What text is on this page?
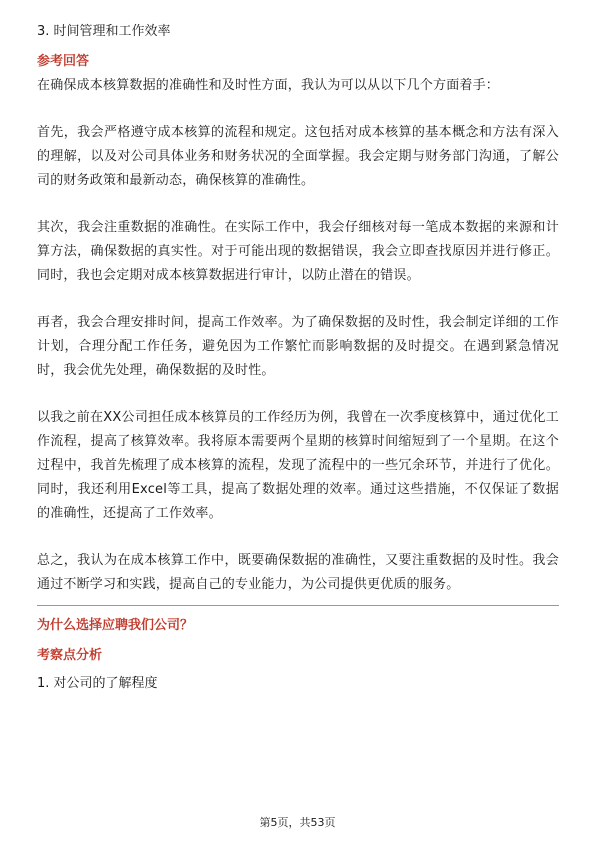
3. 时间管理和工作效率
参考回答

在确保成本核算数据的准确性和及时性方面，我认为可以从以下几个方面着手：

首先，我会严格遵守成本核算的流程和规定。这包括对成本核算的基本概念和方法有深入的理解，以及对公司具体业务和财务状况的全面掌握。我会定期与财务部门沟通，了解公司的财务政策和最新动态，确保核算的准确性。

其次，我会注重数据的准确性。在实际工作中，我会仔细核对每一笔成本数据的来源和计算方法，确保数据的真实性。对于可能出现的数据错误，我会立即查找原因并进行修正。同时，我也会定期对成本核算数据进行审计，以防止潜在的错误。

再者，我会合理安排时间，提高工作效率。为了确保数据的及时性，我会制定详细的工作计划，合理分配工作任务，避免因为工作繁忙而影响数据的及时提交。在遇到紧急情况时，我会优先处理，确保数据的及时性。

以我之前在XX公司担任成本核算员的工作经历为例，我曾在一次季度核算中，通过优化工作流程，提高了核算效率。我将原本需要两个星期的核算时间缩短到了一个星期。在这个过程中，我首先梳理了成本核算的流程，发现了流程中的一些冗余环节，并进行了优化。同时，我还利用Excel等工具，提高了数据处理的效率。通过这些措施，不仅保证了数据的准确性，还提高了工作效率。

总之，我认为在成本核算工作中，既要确保数据的准确性，又要注重数据的及时性。我会通过不断学习和实践，提高自己的专业能力，为公司提供更优质的服务。

为什么选择应聘我们公司？
考察点分析
1. 对公司的了解程度
第5页，共53页
